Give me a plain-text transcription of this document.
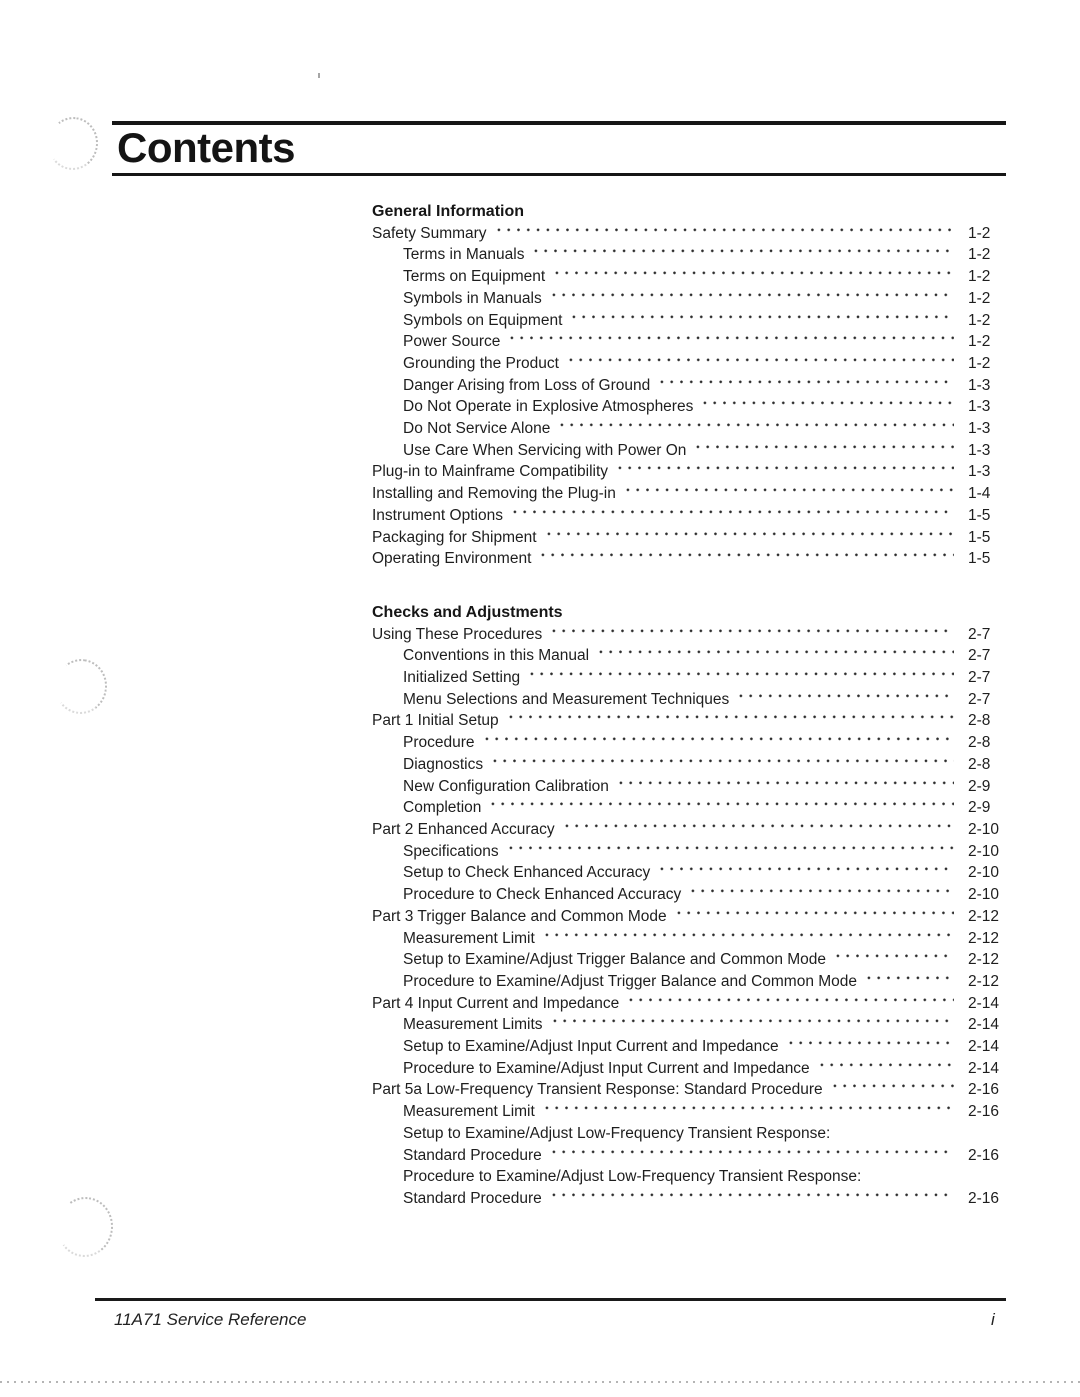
Contents
General Information
Safety Summary	1-2
Terms in Manuals	1-2
Terms on Equipment	1-2
Symbols in Manuals	1-2
Symbols on Equipment	1-2
Power Source	1-2
Grounding the Product	1-2
Danger Arising from Loss of Ground	1-3
Do Not Operate in Explosive Atmospheres	1-3
Do Not Service Alone	1-3
Use Care When Servicing with Power On	1-3
Plug-in to Mainframe Compatibility	1-3
Installing and Removing the Plug-in	1-4
Instrument Options	1-5
Packaging for Shipment	1-5
Operating Environment	1-5
Checks and Adjustments
Using These Procedures	2-7
Conventions in this Manual	2-7
Initialized Setting	2-7
Menu Selections and Measurement Techniques	2-7
Part 1 Initial Setup	2-8
Procedure	2-8
Diagnostics	2-8
New Configuration Calibration	2-9
Completion	2-9
Part 2 Enhanced Accuracy	2-10
Specifications	2-10
Setup to Check Enhanced Accuracy	2-10
Procedure to Check Enhanced Accuracy	2-10
Part 3 Trigger Balance and Common Mode	2-12
Measurement Limit	2-12
Setup to Examine/Adjust Trigger Balance and Common Mode	2-12
Procedure to Examine/Adjust Trigger Balance and Common Mode	2-12
Part 4 Input Current and Impedance	2-14
Measurement Limits	2-14
Setup to Examine/Adjust Input Current and Impedance	2-14
Procedure to Examine/Adjust Input Current and Impedance	2-14
Part 5a Low-Frequency Transient Response: Standard Procedure	2-16
Measurement Limit	2-16
Setup to Examine/Adjust Low-Frequency Transient Response:
Standard Procedure	2-16
Procedure to Examine/Adjust Low-Frequency Transient Response:
Standard Procedure	2-16
11A71 Service Reference	i
